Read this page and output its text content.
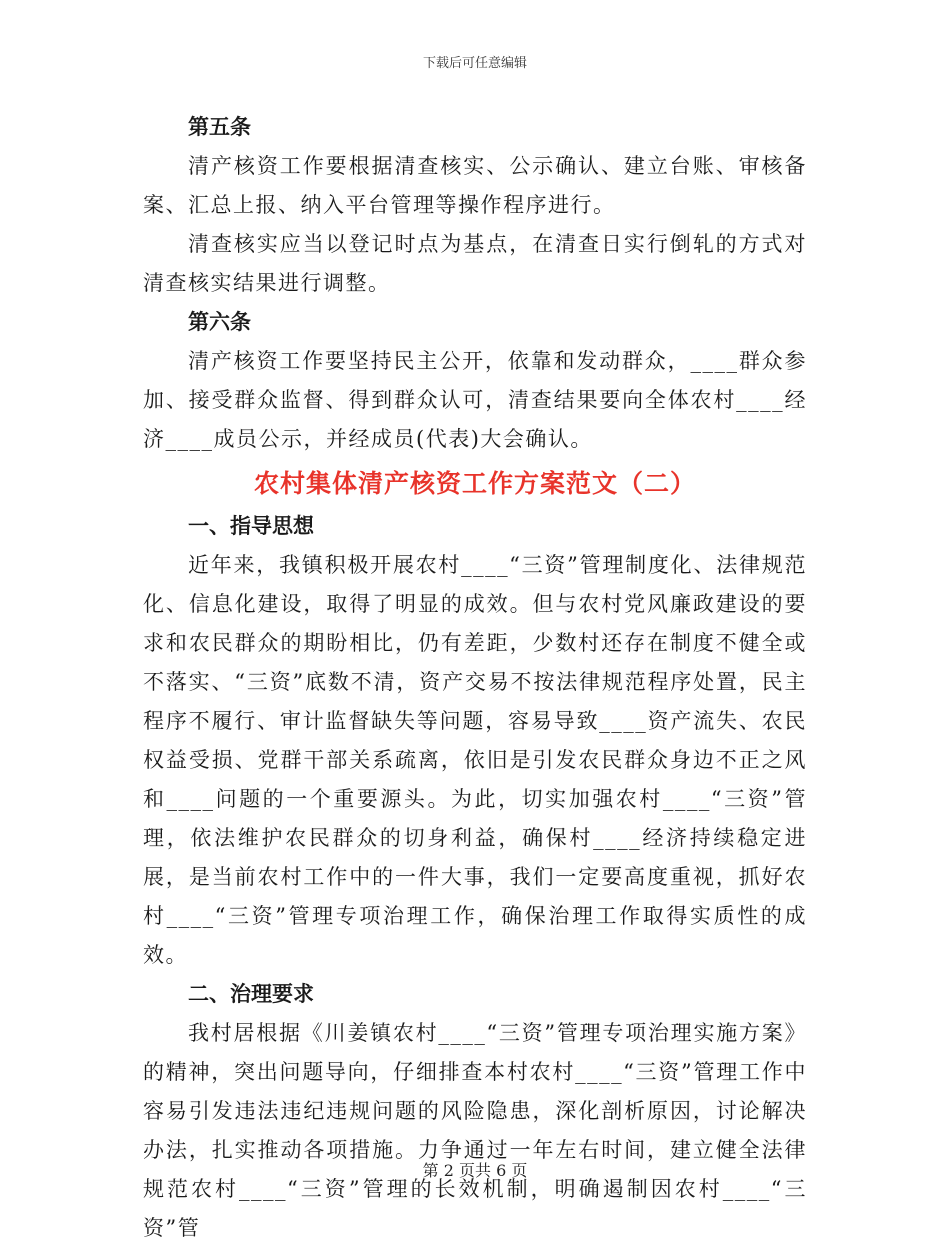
下载后可任意编辑

第五条

清产核资工作要根据清查核实、公示确认、建立台账、审核备案、汇总上报、纳入平台管理等操作程序进行。

清查核实应当以登记时点为基点，在清查日实行倒轧的方式对清查核实结果进行调整。

第六条

清产核资工作要坚持民主公开，依靠和发动群众，____群众参加、接受群众监督、得到群众认可，清查结果要向全体农村____经济____成员公示，并经成员(代表)大会确认。

农村集体清产核资工作方案范文（二）

一、指导思想

近年来，我镇积极开展农村____“三资”管理制度化、法律规范化、信息化建设，取得了明显的成效。但与农村党风廉政建设的要求和农民群众的期盼相比，仍有差距，少数村还存在制度不健全或不落实、“三资”底数不清，资产交易不按法律规范程序处置，民主程序不履行、审计监督缺失等问题，容易导致____资产流失、农民权益受损、党群干部关系疏离，依旧是引发农民群众身边不正之风和____问题的一个重要源头。为此，切实加强农村____“三资”管理，依法维护农民群众的切身利益，确保村____经济持续稳定进展，是当前农村工作中的一件大事，我们一定要高度重视，抓好农村____“三资”管理专项治理工作，确保治理工作取得实质性的成效。

二、治理要求

我村居根据《川姜镇农村____“三资”管理专项治理实施方案》的精神，突出问题导向，仔细排查本村农村____“三资”管理工作中容易引发违法违纪违规问题的风险隐患，深化剖析原因，讨论解决办法，扎实推动各项措施。力争通过一年左右时间，建立健全法律规范农村____“三资”管理的长效机制，明确遏制因农村____“三资”管

第 2 页共 6 页
